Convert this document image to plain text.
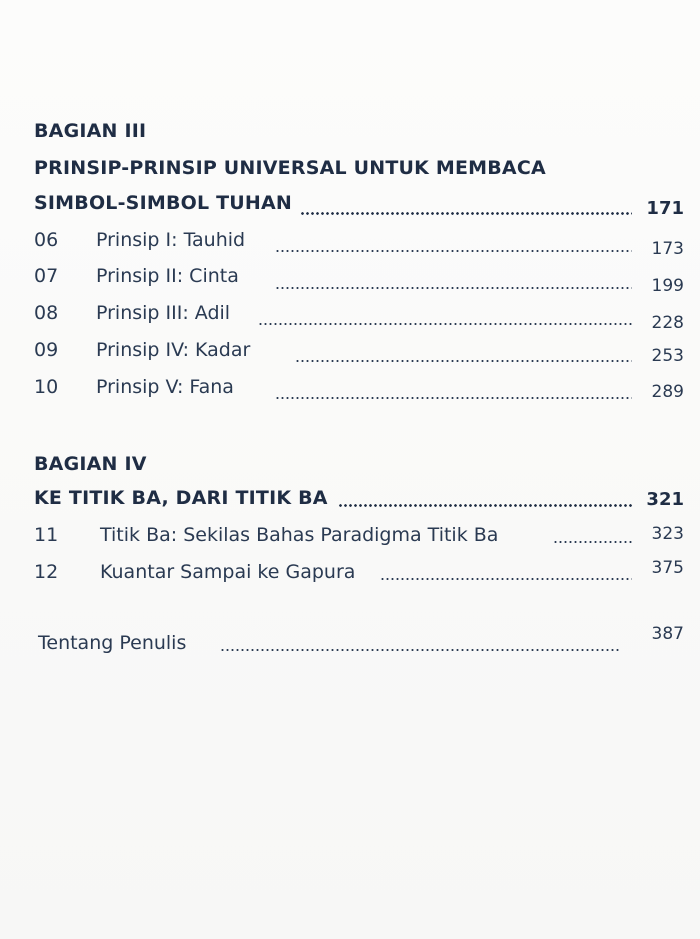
BAGIAN III
PRINSIP-PRINSIP UNIVERSAL UNTUK MEMBACA
SIMBOL-SIMBOL TUHAN	171
06 Prinsip I: Tauhid	173
07 Prinsip II: Cinta	199
08 Prinsip III: Adil	228
09 Prinsip IV: Kadar	253
10 Prinsip V: Fana	289
BAGIAN IV
KE TITIK BA, DARI TITIK BA	321
11 Titik Ba: Sekilas Bahas Paradigma Titik Ba	323
12 Kuantar Sampai ke Gapura	375
Tentang Penulis	387
